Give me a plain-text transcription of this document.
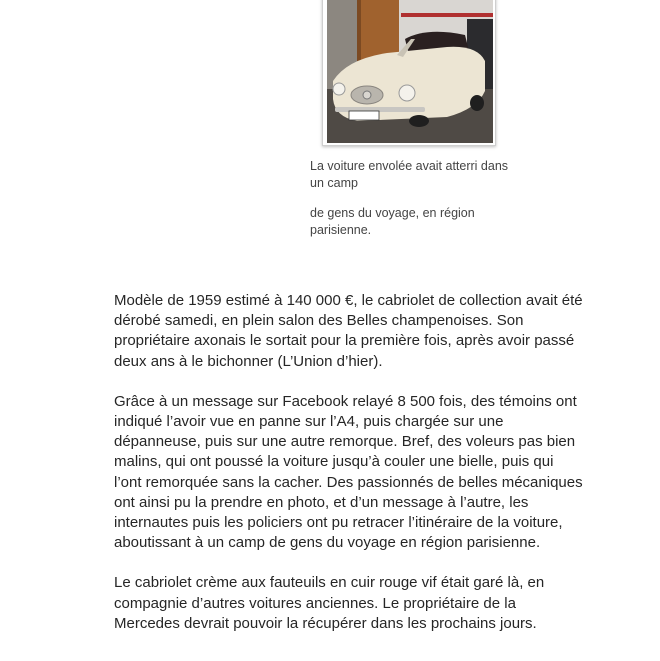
La voiture envolée avait atterri dans un camp

de gens du voyage, en région parisienne.

Modèle de 1959 estimé à 140 000 €, le cabriolet de collection avait été dérobé samedi, en plein salon des Belles champenoises. Son propriétaire axonais le sortait pour la première fois, après avoir passé deux ans à le bichonner (L’Union d’hier).

Grâce à un message sur Facebook relayé 8 500 fois, des témoins ont indiqué l’avoir vue en panne sur l’A4, puis chargée sur une dépanneuse, puis sur une autre remorque. Bref, des voleurs pas bien malins, qui ont poussé la voiture jusqu’à couler une bielle, puis qui l’ont remorquée sans la cacher. Des passionnés de belles mécaniques ont ainsi pu la prendre en photo, et d’un message à l’autre, les internautes puis les policiers ont pu retracer l’itinéraire de la voiture, aboutissant à un camp de gens du voyage en région parisienne.

Le cabriolet crème aux fauteuils en cuir rouge vif était garé là, en compagnie d’autres voitures anciennes. Le propriétaire de la Mercedes devrait pouvoir la récupérer dans les prochains jours.
